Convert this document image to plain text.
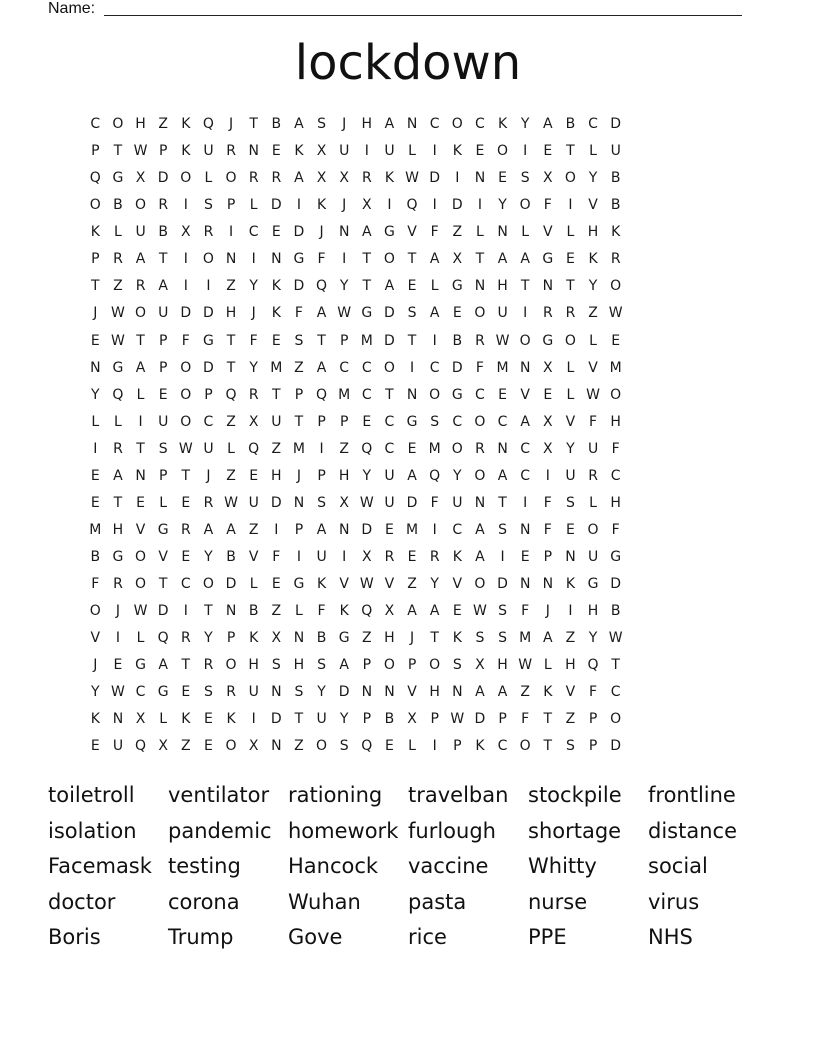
Name:
lockdown
C O H Z K Q J T B A S J H A N C O C K Y A B C D
P T W P K U R N E K X U I U L I K E O I E T L U
Q G X D O L O R R A X X R K W D I N E S X O Y B
O B O R I S P L D I K J X I Q I D I Y O F I V B
K L U B X R I C E D J N A G V F Z L N L V L H K
P R A T I O N I N G F I T O T A X T A A G E K R
T Z R A I I Z Y K D Q Y T A E L G N H T N T Y O
J W O U D D H J K F A W G D S A E O U I R R Z W
E W T P F G T F E S T P M D T I B R W O G O L E
N G A P O D T Y M Z A C C O I C D F M N X L V M
Y Q L E O P Q R T P Q M C T N O G C E V E L W O
L L I U O C Z X U T P P E C G S C O C A X V F H
I R T S W U L Q Z M I Z Q C E M O R N C X Y U F
E A N P T J Z E H J P H Y U A Q Y O A C I U R C
E T E L E R W U D N S X W U D F U N T I F S L H
M H V G R A A Z I P A N D E M I C A S N F E O F
B G O V E Y B V F I U I X R E R K A I E P N U G
F R O T C O D L E G K V W V Z Y V O D N N K G D
O J W D I T N B Z L F K Q X A A E W S F J I H B
V I L Q R Y P K X N B G Z H J T K S S M A Z Y W
J E G A T R O H S H S A P O P O S X H W L H Q T
Y W C G E S R U N S Y D N N V H N A A Z K V F C
K N X L K E K I D T U Y P B X P W D P F T Z P O
E U Q X Z E O X N Z O S Q E L I P K C O T S P D
toiletroll ventilator rationing travelban stockpile frontline
isolation pandemic homework furlough shortage distance
Facemask testing Hancock vaccine Whitty social
doctor	corona Wuhan pasta	nurse	virus
Boris	Trump	Gove	rice	PPE	NHS
